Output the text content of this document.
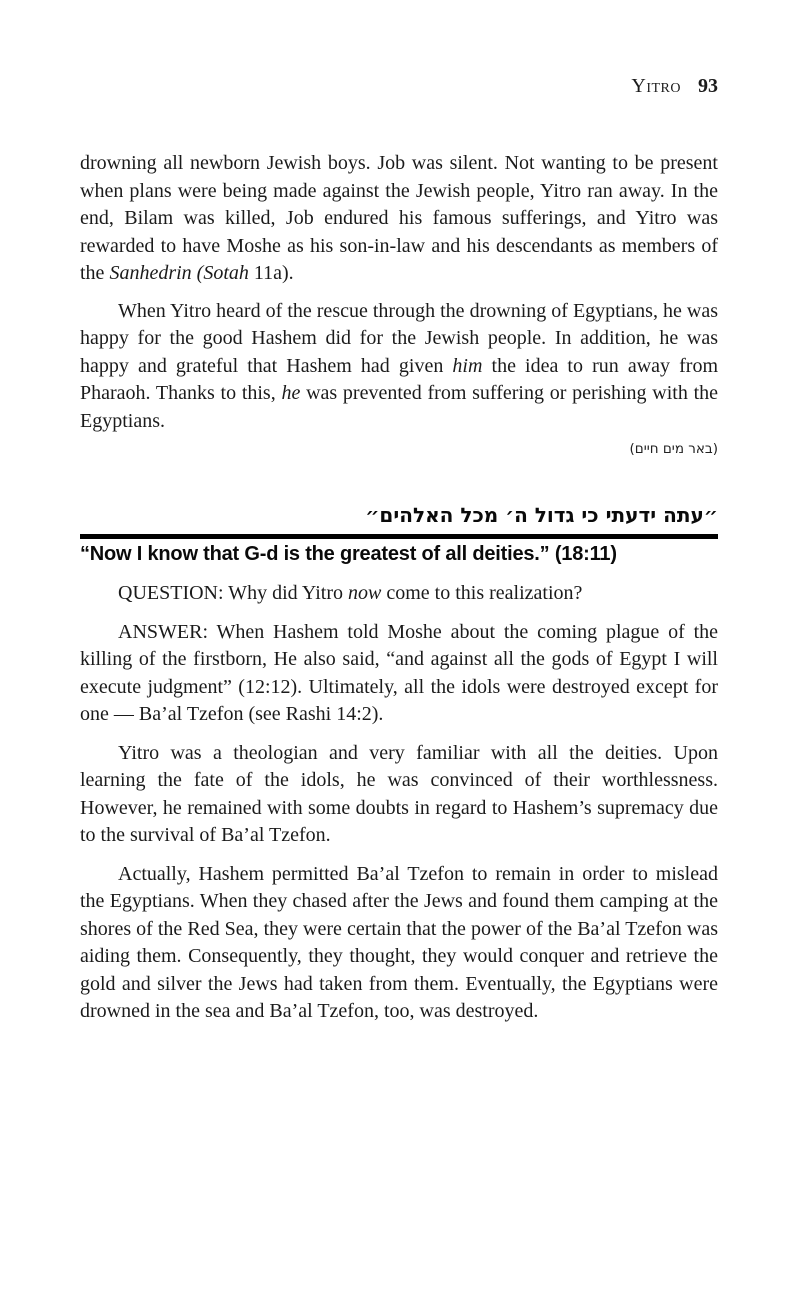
Yitro 93

drowning all newborn Jewish boys. Job was silent. Not wanting to be present when plans were being made against the Jewish people, Yitro ran away. In the end, Bilam was killed, Job endured his famous sufferings, and Yitro was rewarded to have Moshe as his son-in-law and his descendants as members of the Sanhedrin (Sotah 11a).

When Yitro heard of the rescue through the drowning of Egyptians, he was happy for the good Hashem did for the Jewish people. In addition, he was happy and grateful that Hashem had given him the idea to run away from Pharaoh. Thanks to this, he was prevented from suffering or perishing with the Egyptians.

(באר מים חיים)
״עתה ידעתי כי גדול ה׳ מכל האלהים״
“Now I know that G-d is the greatest of all deities.” (18:11)

QUESTION: Why did Yitro now come to this realization?

ANSWER: When Hashem told Moshe about the coming plague of the killing of the firstborn, He also said, “and against all the gods of Egypt I will execute judgment” (12:12). Ultimately, all the idols were destroyed except for one — Ba’al Tzefon (see Rashi 14:2).

Yitro was a theologian and very familiar with all the deities. Upon learning the fate of the idols, he was convinced of their worthlessness. However, he remained with some doubts in regard to Hashem’s supremacy due to the survival of Ba’al Tzefon.

Actually, Hashem permitted Ba’al Tzefon to remain in order to mislead the Egyptians. When they chased after the Jews and found them camping at the shores of the Red Sea, they were certain that the power of the Ba’al Tzefon was aiding them. Consequently, they thought, they would conquer and retrieve the gold and silver the Jews had taken from them. Eventually, the Egyptians were drowned in the sea and Ba’al Tzefon, too, was destroyed.
